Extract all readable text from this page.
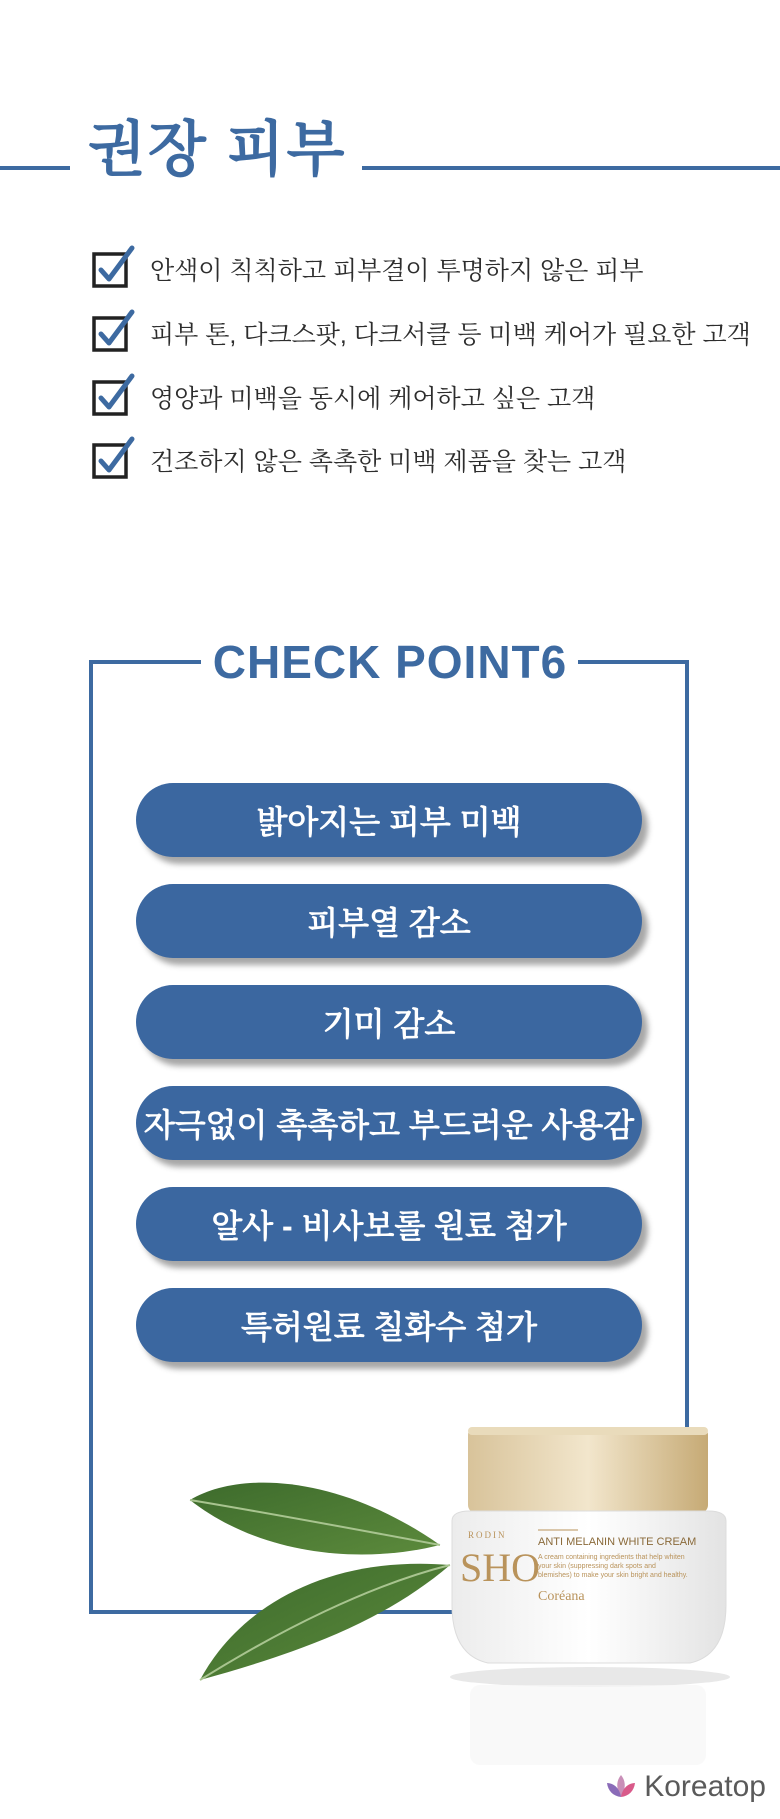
권장 피부
안색이 칙칙하고 피부결이 투명하지 않은 피부
피부 톤, 다크스팟, 다크서클 등 미백 케어가 필요한 고객
영양과 미백을 동시에 케어하고 싶은 고객
건조하지 않은 촉촉한 미백 제품을 찾는 고객
CHECK POINT6
밝아지는 피부 미백
피부열 감소
기미 감소
자극없이 촉촉하고 부드러운 사용감
알사 - 비사보롤 원료 첨가
특허원료 칠화수 첨가
RODIN
SHO
ANTI MELANIN WHITE CREAM
A cream containing ingredients that help whiten
your skin (suppressing dark spots and
blemishes) to make your skin bright and healthy.
Coréana
Koreatop
